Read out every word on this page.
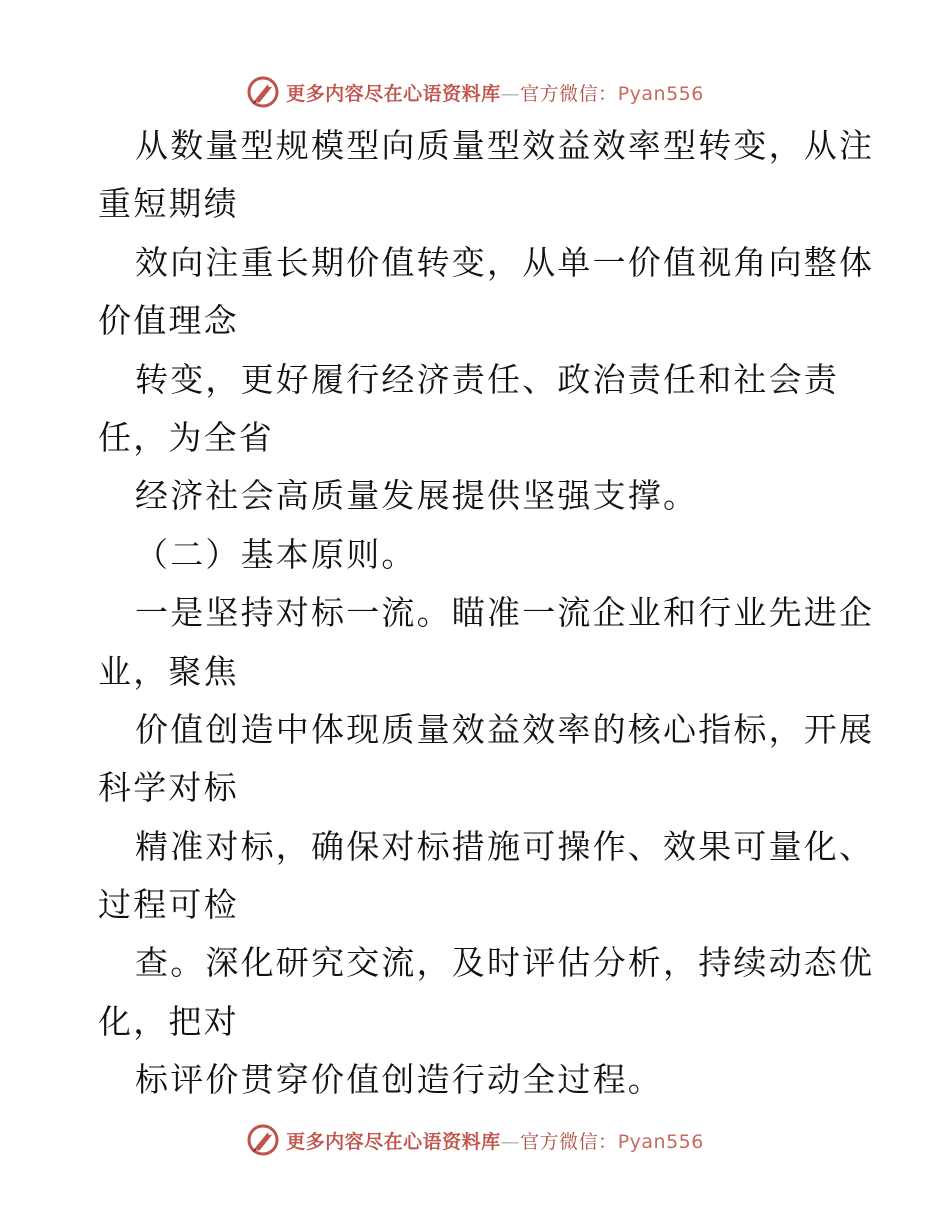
更多内容尽在心语资料库—官方微信：Pyan556
从数量型规模型向质量型效益效率型转变，从注
重短期绩
效向注重长期价值转变，从单一价值视角向整体
价值理念
转变，更好履行经济责任、政治责任和社会责
任，为全省
经济社会高质量发展提供坚强支撑。
（二）基本原则。
一是坚持对标一流。瞄准一流企业和行业先进企
业，聚焦
价值创造中体现质量效益效率的核心指标，开展
科学对标
精准对标，确保对标措施可操作、效果可量化、
过程可检
查。深化研究交流，及时评估分析，持续动态优
化，把对
标评价贯穿价值创造行动全过程。
更多内容尽在心语资料库—官方微信：Pyan556
